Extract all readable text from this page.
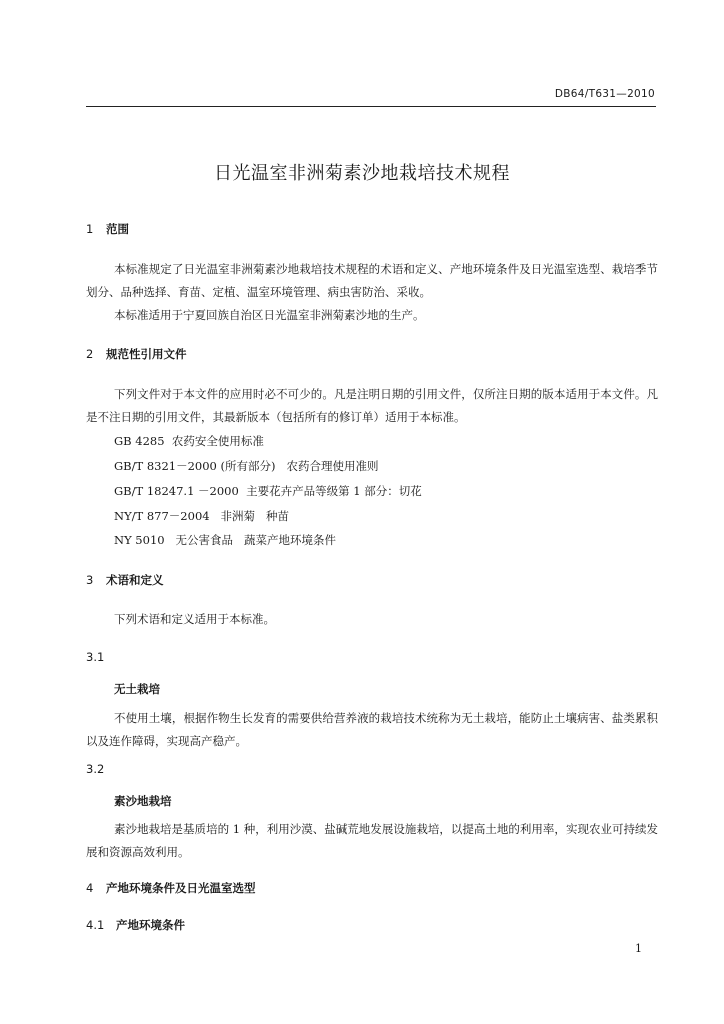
DB64/T631—2010
日光温室非洲菊素沙地栽培技术规程
1 范围
本标准规定了日光温室非洲菊素沙地栽培技术规程的术语和定义、产地环境条件及日光温室选型、栽培季节划分、品种选择、育苗、定植、温室环境管理、病虫害防治、采收。
本标准适用于宁夏回族自治区日光温室非洲菊素沙地的生产。
2 规范性引用文件
下列文件对于本文件的应用时必不可少的。凡是注明日期的引用文件，仅所注日期的版本适用于本文件。凡是不注日期的引用文件，其最新版本（包括所有的修订单）适用于本标准。
GB 4285  农药安全使用标准
GB/T 8321－2000 (所有部分)   农药合理使用准则
GB/T 18247.1 －2000  主要花卉产品等级第 1 部分：切花
NY/T 877－2004   非洲菊   种苗
NY 5010   无公害食品   蔬菜产地环境条件
3 术语和定义
下列术语和定义适用于本标准。
3.1
无土栽培
不使用土壤，根据作物生长发育的需要供给营养液的栽培技术统称为无土栽培，能防止土壤病害、盐类累积以及连作障碍，实现高产稳产。
3.2
素沙地栽培
素沙地栽培是基质培的 1 种，利用沙漠、盐碱荒地发展设施栽培，以提高土地的利用率，实现农业可持续发展和资源高效利用。
4 产地环境条件及日光温室选型
4.1 产地环境条件
1
